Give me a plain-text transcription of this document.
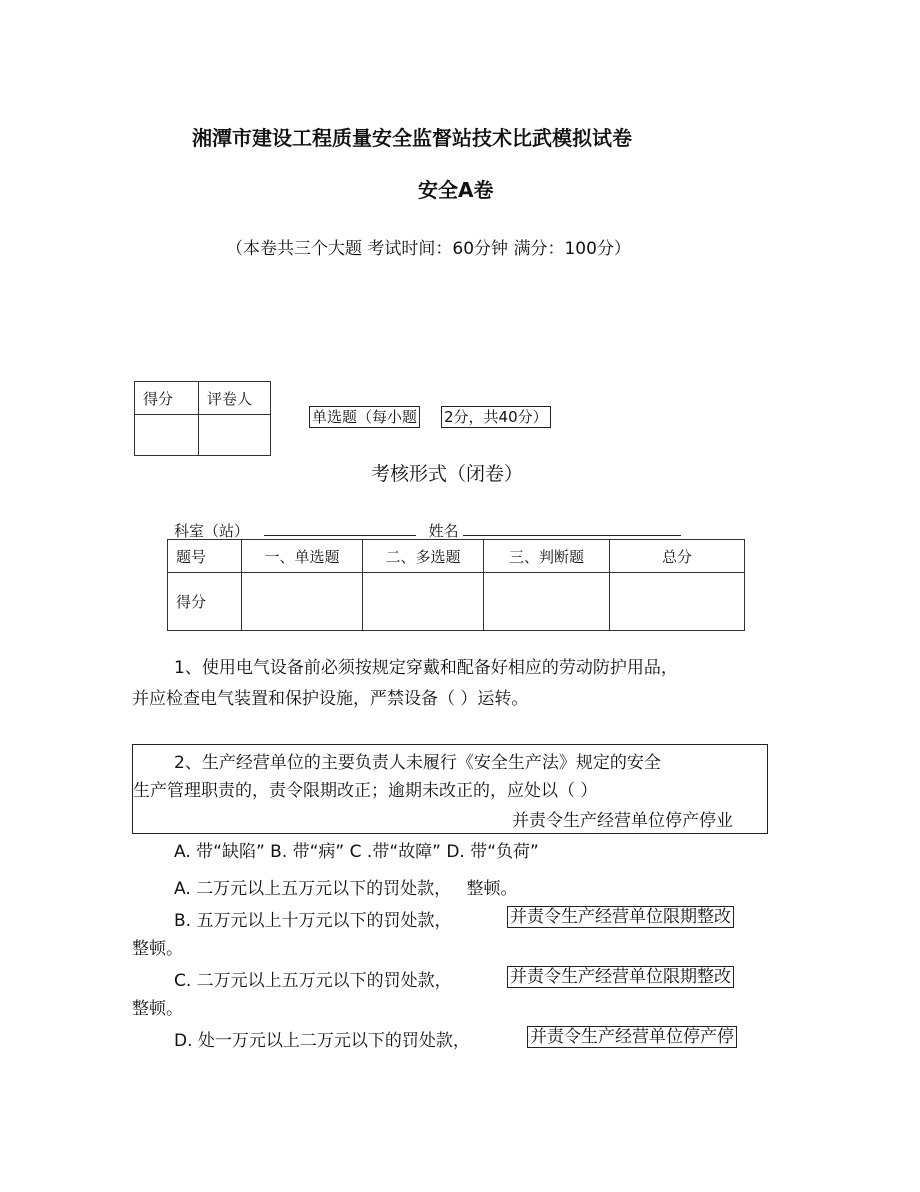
湘潭市建设工程质量安全监督站技术比武模拟试卷
安全A卷
（本卷共三个大题 考试时间：60分钟 满分：100分）
得分	评卷人

单选题（每小题 2分，共40分）
考核形式（闭卷）
科室（站）	姓名
题号	一、单选题	二、多选题	三、判断题	总分
得分				
1、使用电气设备前必须按规定穿戴和配备好相应的劳动防护用品，
并应检查电气装置和保护设施，严禁设备（ ）运转。
2、生产经营单位的主要负责人未履行《安全生产法》规定的安全
生产管理职责的，责令限期改正；逾期未改正的，应处以（ ）
并责令生产经营单位停产停业
A. 带“缺陷” B. 带“病” C .带“故障” D. 带“负荷”
A. 二万元以上五万元以下的罚处款， 整顿。
B. 五万元以上十万元以下的罚处款，	并责令生产经营单位限期整改
整顿。
C. 二万元以上五万元以下的罚处款，	并责令生产经营单位限期整改
整顿。
D. 处一万元以上二万元以下的罚处款，	并责令生产经营单位停产停
